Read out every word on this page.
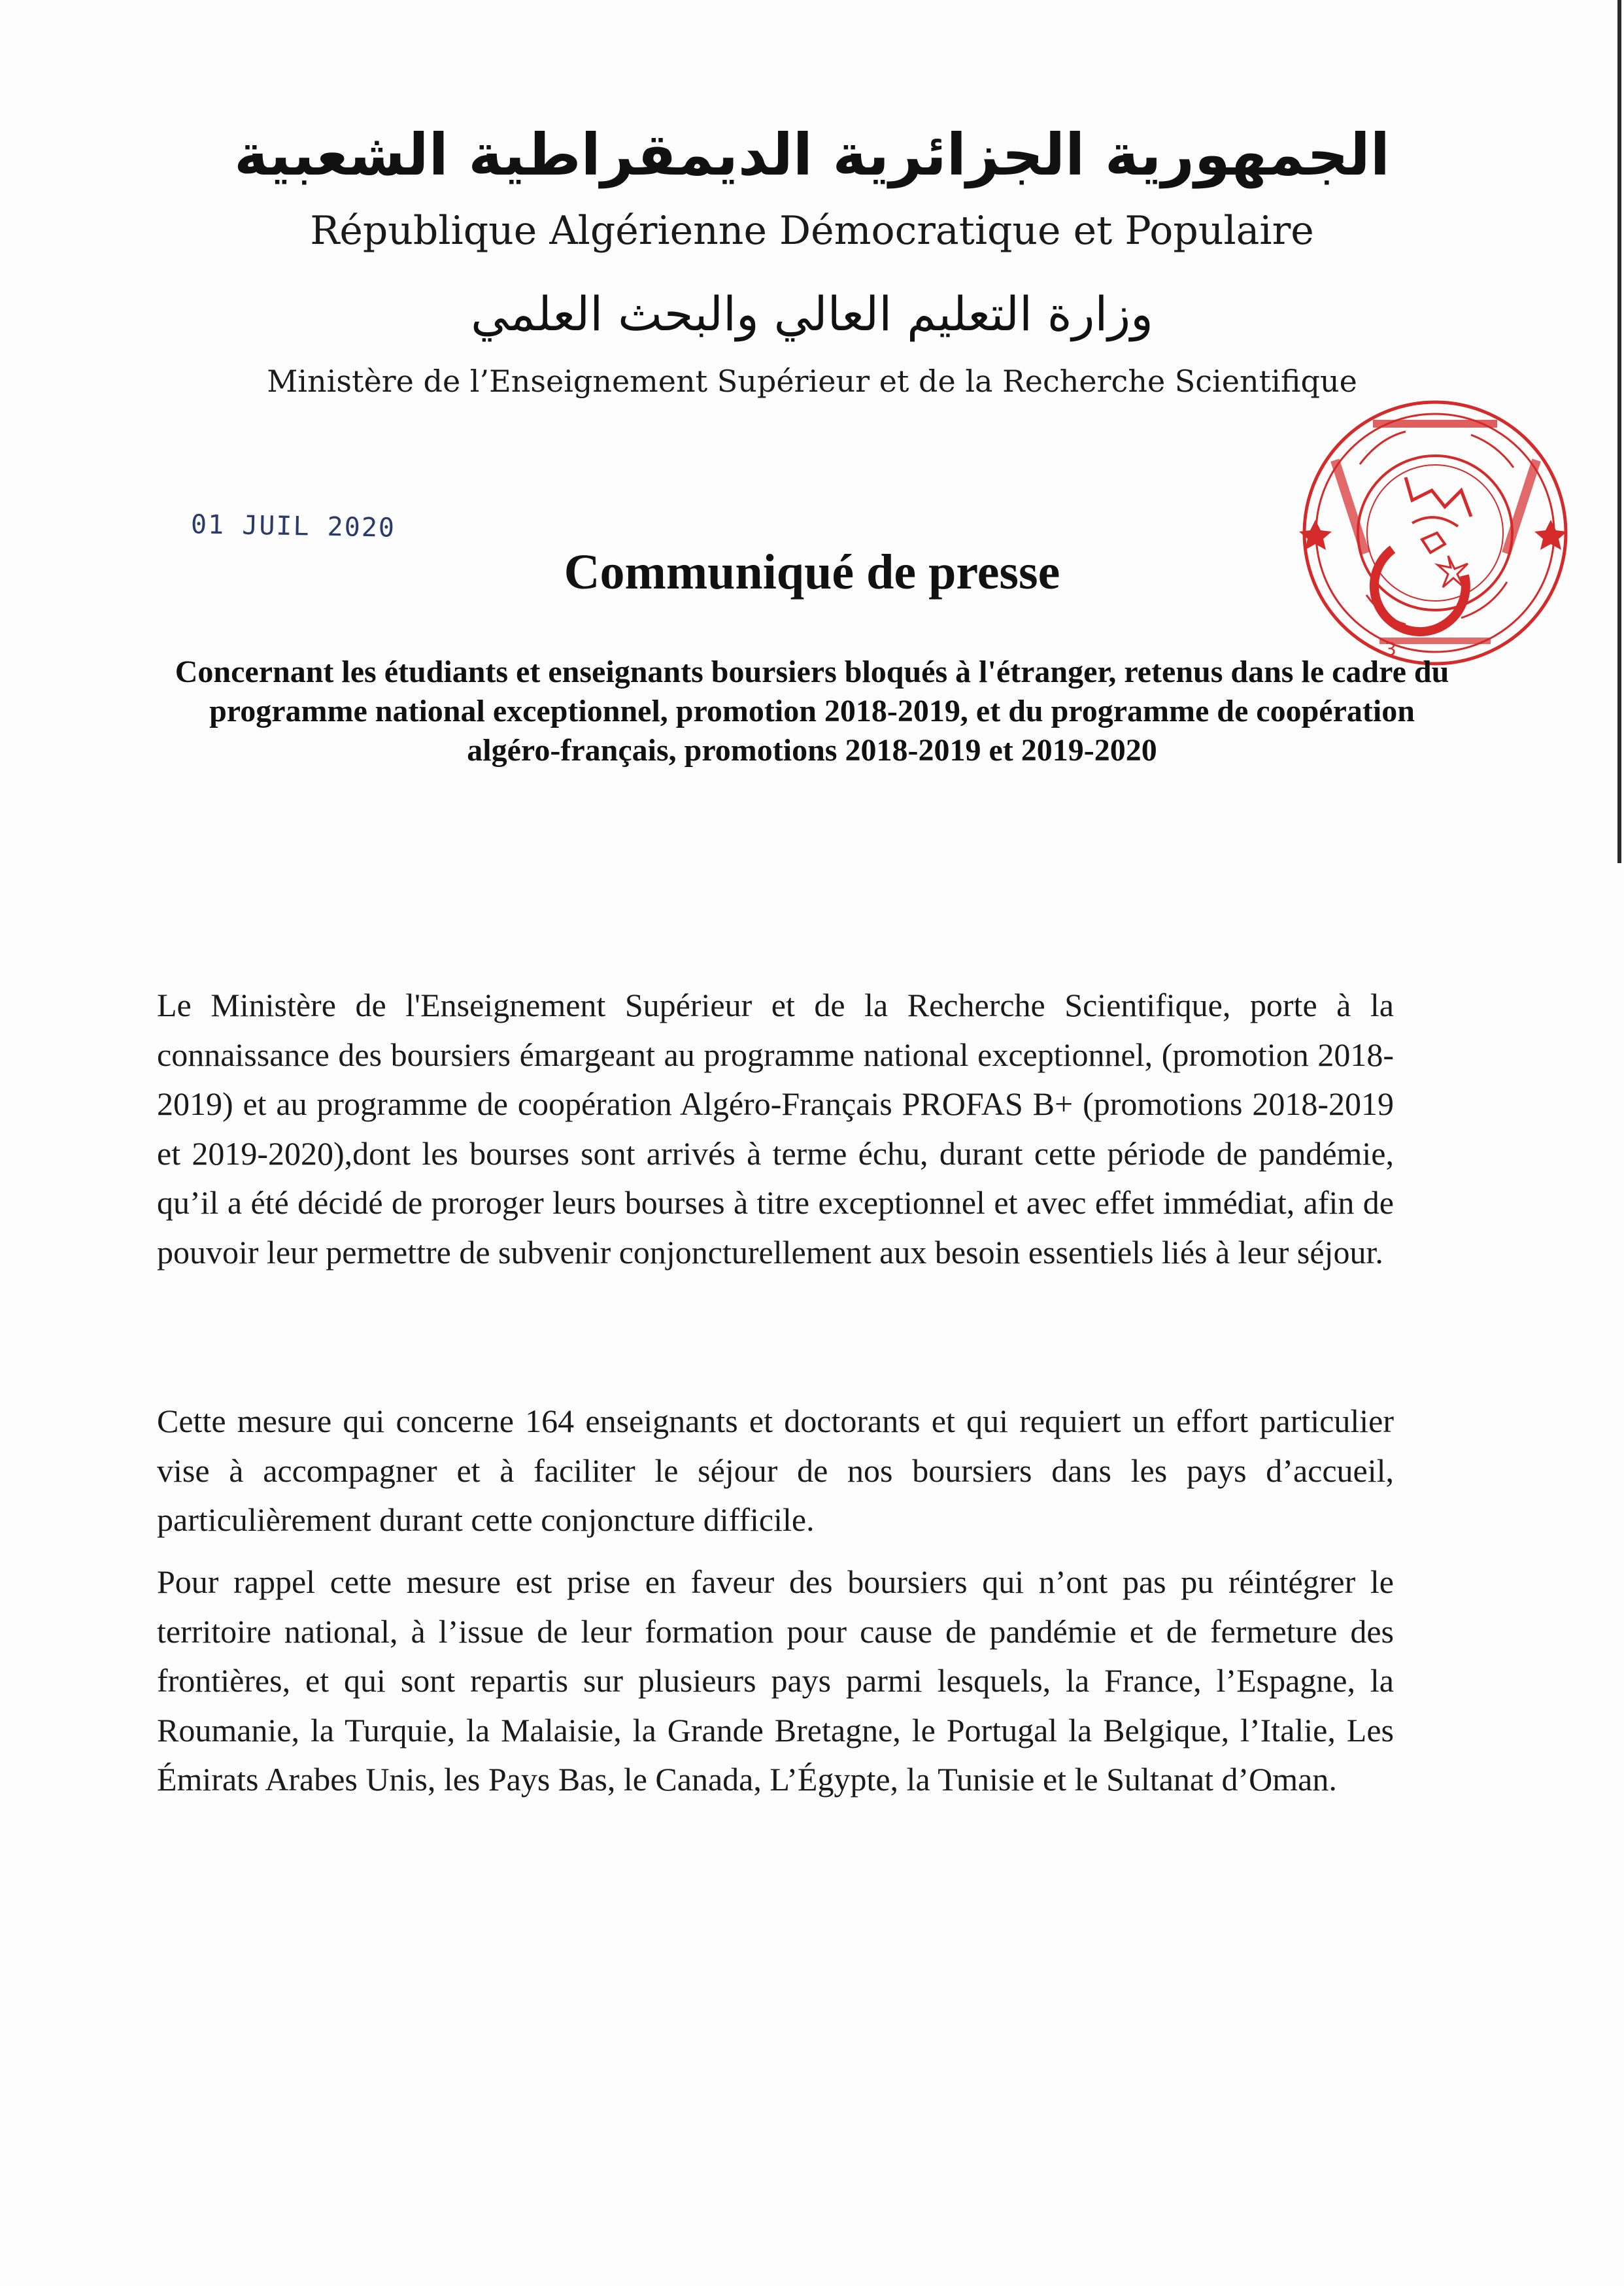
الجمهورية الجزائرية الديمقراطية الشعبية
République Algérienne Démocratique et Populaire
وزارة التعليم العالي والبحث العلمي
Ministère de l’Enseignement Supérieur et de la Recherche Scientifique
01 JUIL 2020
3
Communiqué de presse
Concernant les étudiants et enseignants boursiers bloqués à l'étranger, retenus dans le cadre du programme national exceptionnel, promotion 2018-2019, et du programme de coopération algéro-français, promotions 2018-2019 et 2019-2020

Le Ministère de l'Enseignement Supérieur et de la Recherche Scientifique, porte à la connaissance des boursiers émargeant au programme national exceptionnel, (promotion 2018-2019) et au programme de coopération Algéro-Français PROFAS B+ (promotions 2018-2019 et 2019-2020),dont les bourses sont arrivés à terme échu, durant cette période de pandémie, qu’il a été décidé de proroger leurs bourses à titre exceptionnel et avec effet immédiat, afin de pouvoir leur permettre de subvenir conjoncturellement aux besoin essentiels liés à leur séjour.

Cette mesure qui concerne 164 enseignants et doctorants et qui requiert un effort particulier vise à accompagner et à faciliter le séjour de nos boursiers dans les pays d’accueil, particulièrement durant cette conjoncture difficile.

Pour rappel cette mesure est prise en faveur des boursiers qui n’ont pas pu réintégrer le territoire national, à l’issue de leur formation pour cause de pandémie et de fermeture des frontières, et qui sont repartis sur plusieurs pays parmi lesquels, la France, l’Espagne, la Roumanie, la Turquie, la Malaisie, la Grande Bretagne, le Portugal la Belgique, l’Italie, Les Émirats Arabes Unis, les Pays Bas, le Canada, L’Égypte, la Tunisie et le Sultanat d’Oman.
